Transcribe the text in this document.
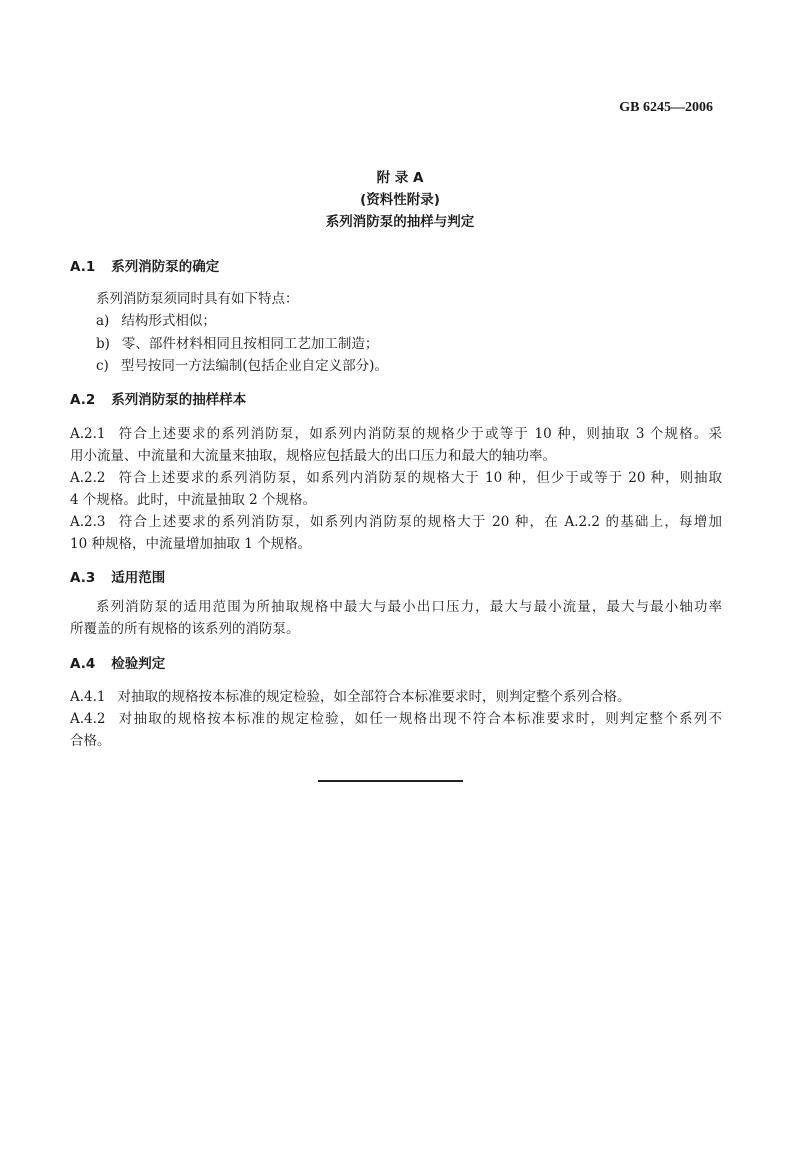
GB 6245—2006
附 录 A
(资料性附录)
系列消防泵的抽样与判定
A.1 系列消防泵的确定
系列消防泵须同时具有如下特点：
a) 结构形式相似；
b) 零、部件材料相同且按相同工艺加工制造；
c) 型号按同一方法编制(包括企业自定义部分)。
A.2 系列消防泵的抽样样本
A.2.1 符合上述要求的系列消防泵，如系列内消防泵的规格少于或等于 10 种，则抽取 3 个规格。采
用小流量、中流量和大流量来抽取，规格应包括最大的出口压力和最大的轴功率。
A.2.2 符合上述要求的系列消防泵，如系列内消防泵的规格大于 10 种，但少于或等于 20 种，则抽取
4 个规格。此时，中流量抽取 2 个规格。
A.2.3 符合上述要求的系列消防泵，如系列内消防泵的规格大于 20 种，在 A.2.2 的基础上，每增加
10 种规格，中流量增加抽取 1 个规格。
A.3 适用范围
系列消防泵的适用范围为所抽取规格中最大与最小出口压力，最大与最小流量，最大与最小轴功率
所覆盖的所有规格的该系列的消防泵。
A.4 检验判定
A.4.1 对抽取的规格按本标准的规定检验，如全部符合本标准要求时，则判定整个系列合格。
A.4.2 对抽取的规格按本标准的规定检验，如任一规格出现不符合本标准要求时，则判定整个系列不
合格。
